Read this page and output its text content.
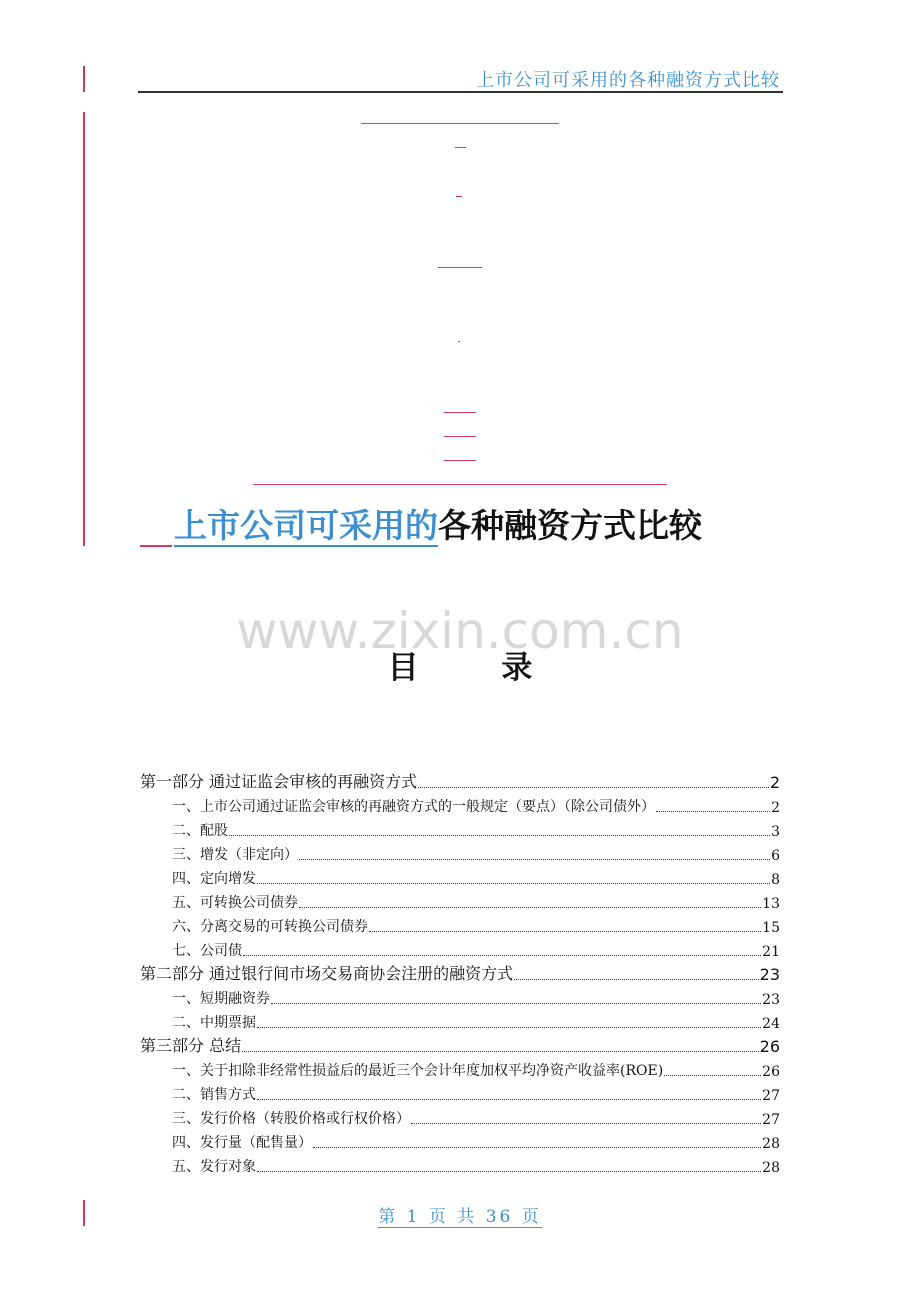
上市公司可采用的各种融资方式比较
上市公司可采用的各种融资方式比较
www.zixin.com.cn
目 录
第一部分 通过证监会审核的再融资方式	2
一、上市公司通过证监会审核的再融资方式的一般规定（要点）（除公司债外）	2
二、配股	3
三、增发（非定向）	6
四、定向增发	8
五、可转换公司债券	13
六、分离交易的可转换公司债券	15
七、公司债	21
第二部分 通过银行间市场交易商协会注册的融资方式	23
一、短期融资券	23
二、中期票据	24
第三部分 总结	26
一、关于扣除非经常性损益后的最近三个会计年度加权平均净资产收益率(ROE)	26
二、销售方式	27
三、发行价格（转股价格或行权价格）	27
四、发行量（配售量）	28
五、发行对象	28
第 1 页 共 36 页
